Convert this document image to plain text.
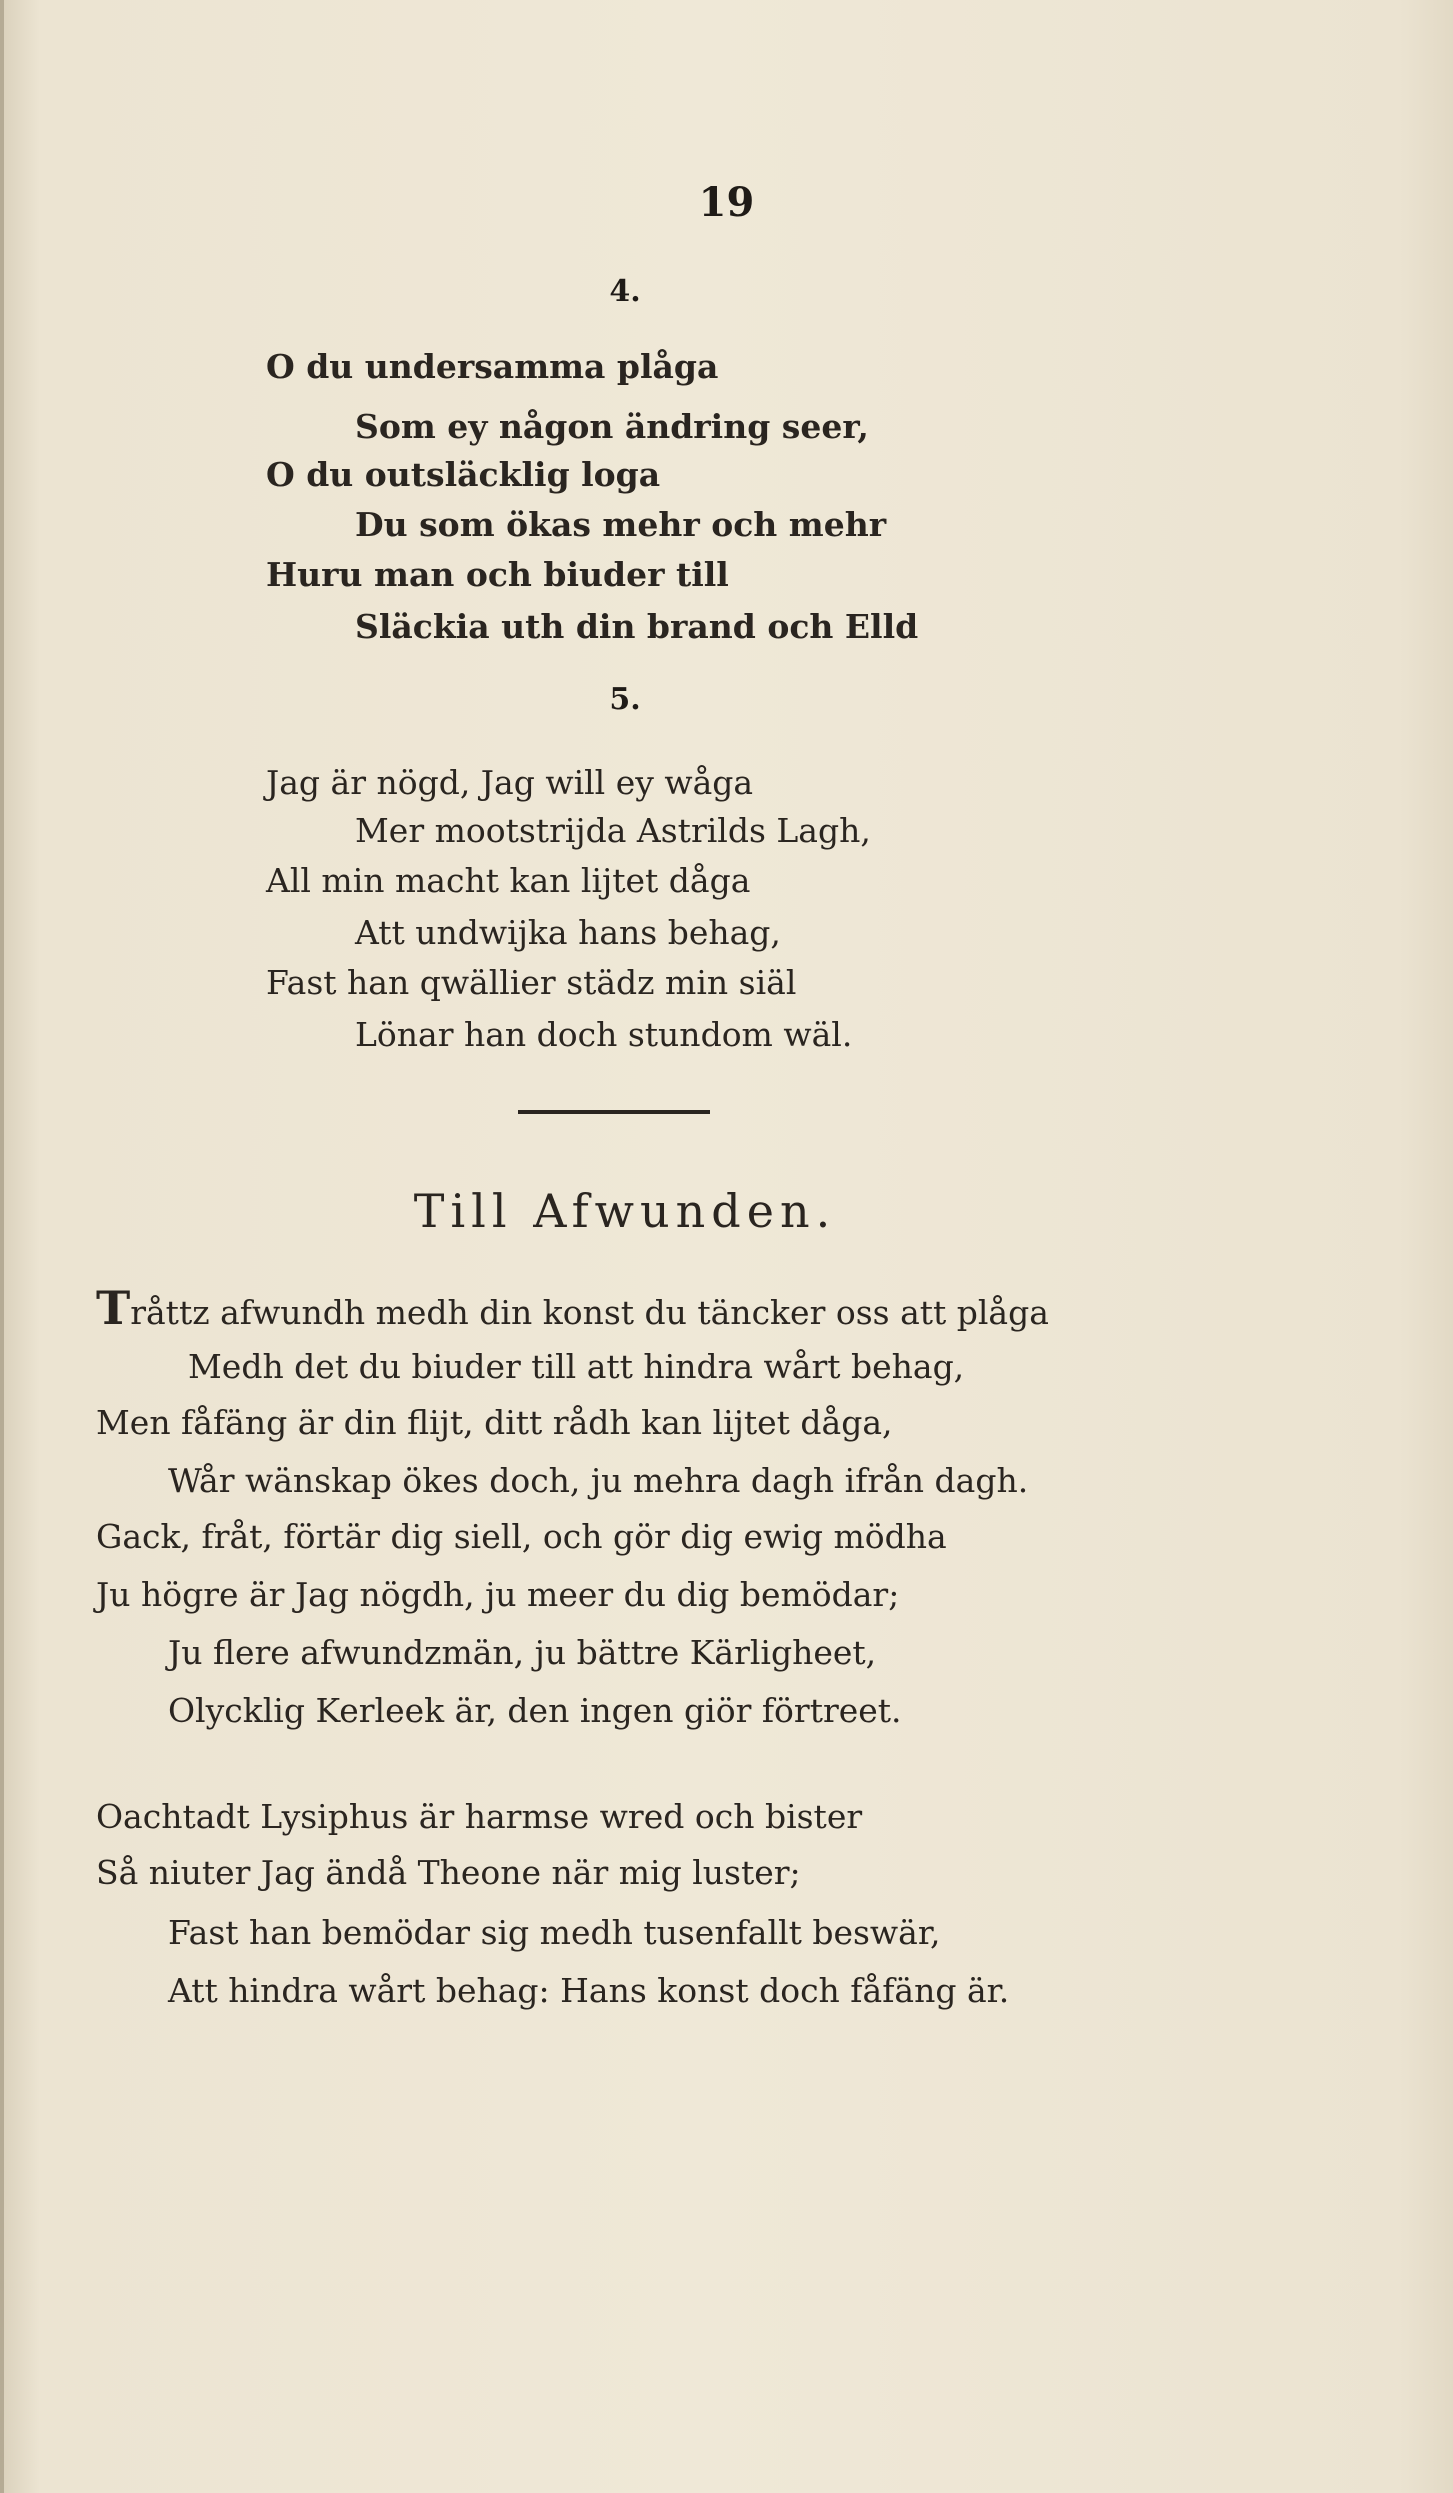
19
4.
O du undersamma plåga
Som ey någon ändring seer,
O du outsläcklig loga
Du som ökas mehr och mehr
Huru man och biuder till
Släckia uth din brand och Elld
5.
Jag är nögd, Jag will ey wåga
Mer mootstrijda Astrilds Lagh,
All min macht kan lijtet dåga
Att undwijka hans behag,
Fast han qwällier städz min siäl
Lönar han doch stundom wäl.
Till Afwunden.
Tråttz afwundh medh din konst du täncker oss att plåga
Medh det du biuder till att hindra wårt behag,
Men fåfäng är din flijt, ditt rådh kan lijtet dåga,
Wår wänskap ökes doch, ju mehra dagh ifrån dagh.
Gack, fråt, förtär dig siell, och gör dig ewig mödha
Ju högre är Jag nögdh, ju meer du dig bemödar;
Ju flere afwundzmän, ju bättre Kärligheet,
Olycklig Kerleek är, den ingen giör förtreet.
Oachtadt Lysiphus är harmse wred och bister
Så niuter Jag ändå Theone när mig luster;
Fast han bemödar sig medh tusenfallt beswär,
Att hindra wårt behag: Hans konst doch fåfäng är.
